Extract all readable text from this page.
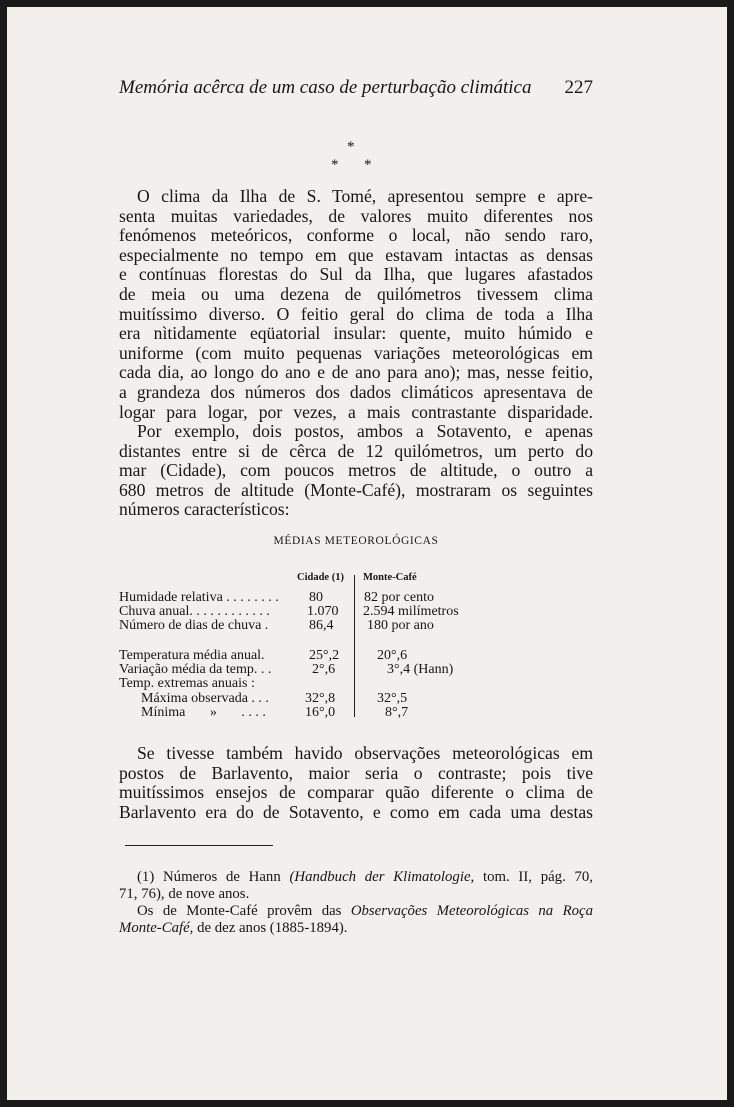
Memória acêrca de um caso de perturbação climática 227
*
* *
O clima da Ilha de S. Tomé, apresentou sempre e apre-
senta muitas variedades, de valores muito diferentes nos
fenómenos meteóricos, conforme o local, não sendo raro,
especialmente no tempo em que estavam intactas as densas
e contínuas florestas do Sul da Ilha, que lugares afastados
de meia ou uma dezena de quilómetros tivessem clima
muitíssimo diverso. O feitio geral do clima de toda a Ilha
era nìtidamente eqüatorial insular: quente, muito húmido e
uniforme (com muito pequenas variações meteorológicas em
cada dia, ao longo do ano e de ano para ano); mas, nesse feitio,
a grandeza dos números dos dados climáticos apresentava de
logar para logar, por vezes, a mais contrastante disparidade.
Por exemplo, dois postos, ambos a Sotavento, e apenas
distantes entre si de cêrca de 12 quilómetros, um perto do
mar (Cidade), com poucos metros de altitude, o outro a
680 metros de altitude (Monte-Café), mostraram os seguintes
números característicos:
MÉDIAS METEOROLÓGICAS
Cidade (1) Monte-Café
Humidade relativa . . . . . . . . 80	82 por cento
Chuva anual. . . . . . . . . . . .	1.070 2.594 milímetros
Número de dias de chuva .	86,4 180 por ano
Temperatura média anual.	25°,2	20°,6
Variação média da temp. . .	2°,6	3°,4 (Hann)
Temp. extremas anuais :
Máxima observada . . .	32°,8	32°,5
Mínima       »       . . . .	16°,0	8°,7
Se tivesse também havido observações meteorológicas em
postos de Barlavento, maior seria o contraste; pois tive
muitíssimos ensejos de comparar quão diferente o clima de
Barlavento era do de Sotavento, e como em cada uma destas
(1) Números de Hann (Handbuch der Klimatologie, tom. II, pág. 70,
71, 76), de nove anos.
Os de Monte-Café provêm das Observações Meteorológicas na Roça
Monte-Café, de dez anos (1885-1894).
